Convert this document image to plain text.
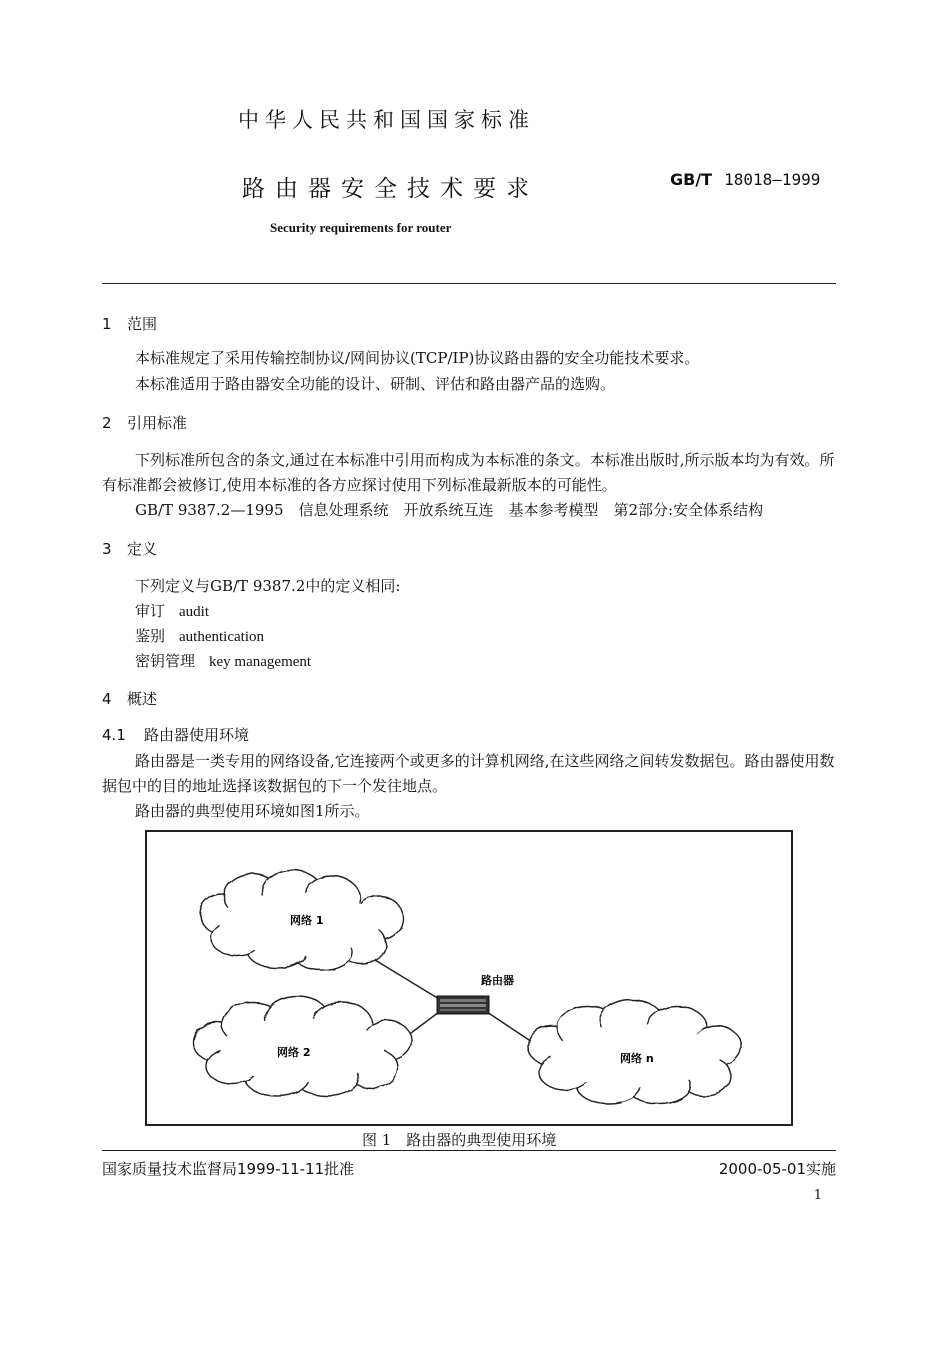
中华人民共和国国家标准
路由器安全技术要求	GB/T 18018—1999
Security requirements for router
1 范围
本标准规定了采用传输控制协议/网间协议(TCP/IP)协议路由器的安全功能技术要求。
本标准适用于路由器安全功能的设计、研制、评估和路由器产品的选购。
2 引用标准
下列标准所包含的条文,通过在本标准中引用而构成为本标准的条文。本标准出版时,所示版本均为有效。所有标准都会被修订,使用本标准的各方应探讨使用下列标准最新版本的可能性。
GB/T 9387.2—1995　信息处理系统　开放系统互连　基本参考模型　第2部分:安全体系结构
3 定义
下列定义与GB/T 9387.2中的定义相同:
审订 audit
鉴别 authentication
密钥管理 key management
4 概述
4.1 路由器使用环境
路由器是一类专用的网络设备,它连接两个或更多的计算机网络,在这些网络之间转发数据包。路由器使用数据包中的目的地址选择该数据包的下一个发往地点。
路由器的典型使用环境如图1所示。
网络 1
网络 2	网络 n
路由器
图 1　路由器的典型使用环境
国家质量技术监督局1999-11-11批准	2000-05-01实施
1
